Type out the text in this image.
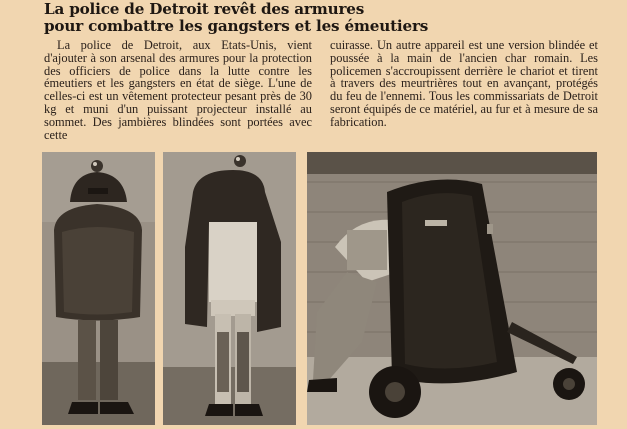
La police de Detroit revêt des armures
pour combattre les gangsters et les émeutiers

La police de Detroit, aux Etats-Unis, vient d'ajouter à son arsenal des armures pour la protection des officiers de police dans la lutte contre les émeutiers et les gangsters en état de siège. L'une de celles-ci est un vêtement protecteur pesant près de 30 kg et muni d'un puissant projecteur installé au sommet. Des jambières blindées sont portées avec cette

cuirasse. Un autre appareil est une version blindée et poussée à la main de l'ancien char romain. Les policemen s'accroupissent derrière le chariot et tirent à travers des meurtrières tout en avançant, protégés du feu de l'ennemi. Tous les commissariats de Detroit seront équipés de ce matériel, au fur et à mesure de sa fabrication.
